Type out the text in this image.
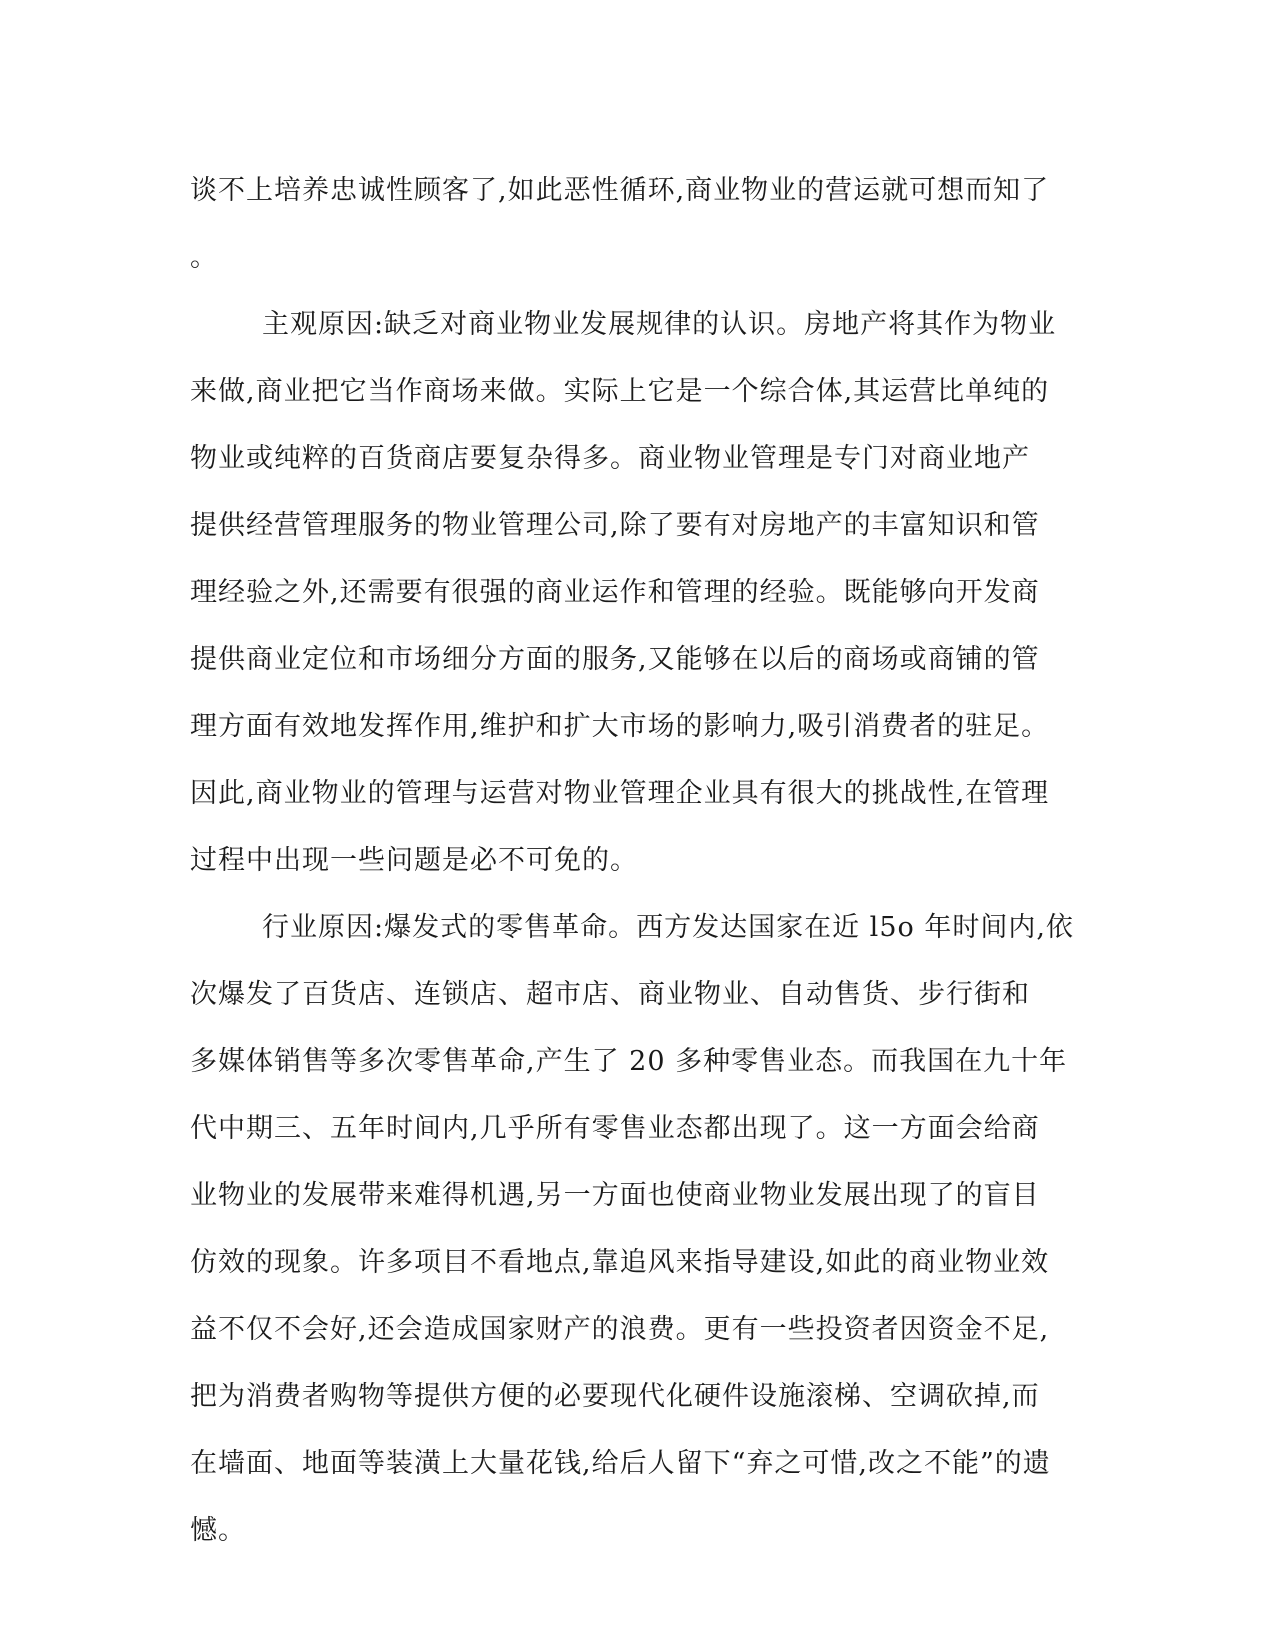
谈不上培养忠诚性顾客了,如此恶性循环,商业物业的营运就可想而知了
。
主观原因:缺乏对商业物业发展规律的认识。房地产将其作为物业
来做,商业把它当作商场来做。实际上它是一个综合体,其运营比单纯的
物业或纯粹的百货商店要复杂得多。商业物业管理是专门对商业地产
提供经营管理服务的物业管理公司,除了要有对房地产的丰富知识和管
理经验之外,还需要有很强的商业运作和管理的经验。既能够向开发商
提供商业定位和市场细分方面的服务,又能够在以后的商场或商铺的管
理方面有效地发挥作用,维护和扩大市场的影响力,吸引消费者的驻足。
因此,商业物业的管理与运营对物业管理企业具有很大的挑战性,在管理
过程中出现一些问题是必不可免的。
行业原因:爆发式的零售革命。西方发达国家在近 l5o 年时间内,依
次爆发了百货店、连锁店、超市店、商业物业、自动售货、步行街和
多媒体销售等多次零售革命,产生了 20 多种零售业态。而我国在九十年
代中期三、五年时间内,几乎所有零售业态都出现了。这一方面会给商
业物业的发展带来难得机遇,另一方面也使商业物业发展出现了的盲目
仿效的现象。许多项目不看地点,靠追风来指导建设,如此的商业物业效
益不仅不会好,还会造成国家财产的浪费。更有一些投资者因资金不足,
把为消费者购物等提供方便的必要现代化硬件设施滚梯、空调砍掉,而
在墙面、地面等装潢上大量花钱,给后人留下“弃之可惜,改之不能”的遗
憾。
